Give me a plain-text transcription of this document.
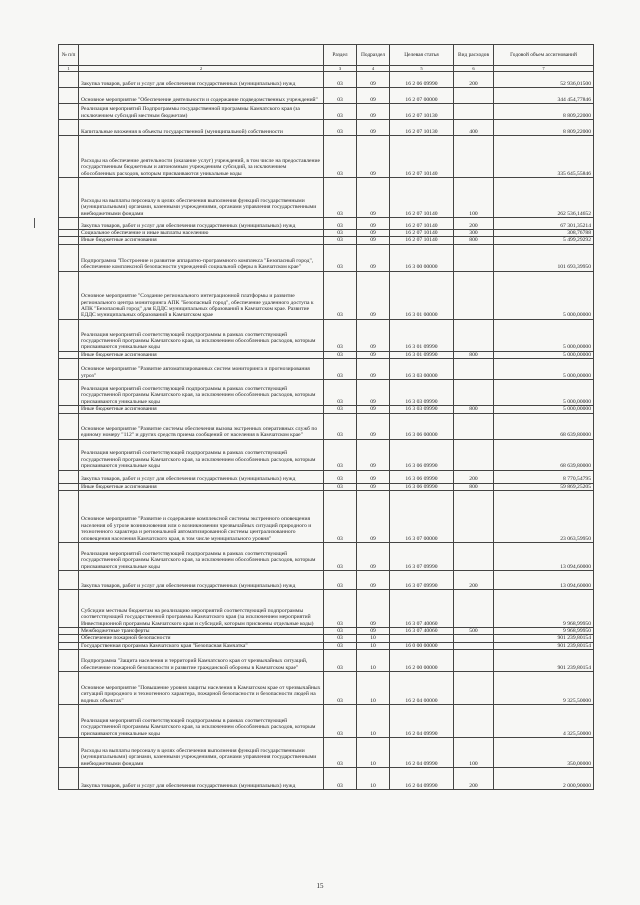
№ п/п		Раздел	Подраздел	Целевая статья	Вид расходов	Годовой объем ассигнований
1	2	3	4	5	6	7
	Закупка товаров, работ и услуг для обеспечения государственных (муниципальных) нужд	03	09	16 2 06 09990	200	52 936,01500
	Основное мероприятие "Обеспечение деятельности и содержание подведомственных учреждений"	03	09	16 2 07 00000		344 454,77846
	Реализация мероприятий Подпрограммы государственной программы Камчатского края (за исключением субсидий местным бюджетам)	03	09	16 2 07 10130		8 809,22000
	Капитальные вложения в объекты государственной (муниципальной) собственности	03	09	16 2 07 10130	400	8 809,22000
	Расходы на обеспечение деятельности (оказание услуг) учреждений, в том числе на предоставление государственным бюджетным и автономным учреждениям субсидий, за исключением обособленных расходов, которым присваиваются уникальные коды	03	09	16 2 07 10140		335 645,55846
	Расходы на выплаты персоналу в целях обеспечения выполнения функций государственными (муниципальными) органами, казенными учреждениями, органами управления государственными внебюджетными фондами	03	09	16 2 07 10140	100	262 536,14652
	Закупка товаров, работ и услуг для обеспечения государственных (муниципальных) нужд	03	09	16 2 07 10140	200	67 301,35214
	Социальное обеспечение и иные выплаты населению	03	09	16 2 07 10140	300	308,76788
	Иные бюджетные ассигнования	03	09	16 2 07 10140	800	5 499,29292
	Подпрограмма "Построение и развитие аппаратно-программного комплекса "Безопасный город", обеспечение комплексной безопасности учреждений социальной сферы в Камчатском крае"	03	09	16 3 00 00000		101 693,39950
	Основное мероприятие "Создание регионального интеграционной платформы и развитие регионального центра мониторинга АПК "Безопасный город", обеспечение удаленного доступа к АПК "Безопасный город" для ЕДДС муниципальных образований в Камчатском крае. Развитие ЕДДС муниципальных образований в Камчатском крае	03	09	16 3 01 00000		5 000,00000
	Реализация мероприятий соответствующей подпрограммы в рамках соответствующей государственной программы Камчатского края, за исключением обособленных расходов, которым присваиваются уникальные коды	03	09	16 3 01 09990		5 000,00000
	Иные бюджетные ассигнования	03	09	16 3 01 09990	800	5 000,00000
	Основное мероприятие "Развитие автоматизированных систем мониторинга и прогнозирования угроз"	03	09	16 3 03 00000		5 000,00000
	Реализация мероприятий соответствующей подпрограммы в рамках соответствующей государственной программы Камчатского края, за исключением обособленных расходов, которым присваиваются уникальные коды	03	09	16 3 03 09990		5 000,00000
	Иные бюджетные ассигнования	03	09	16 3 03 09990	800	5 000,00000
	Основное мероприятие "Развитие системы обеспечения вызова экстренных оперативных служб по единому номеру "112" и других средств приема сообщений от населения в Камчатском крае"	03	09	16 3 06 00000		68 639,80000
	Реализация мероприятий соответствующей подпрограммы в рамках соответствующей государственной программы Камчатского края, за исключением обособленных расходов, которым присваиваются уникальные коды	03	09	16 3 06 09990		68 639,80000
	Закупка товаров, работ и услуг для обеспечения государственных (муниципальных) нужд	03	09	16 3 06 09990	200	8 770,54795
	Иные бюджетные ассигнования	03	09	16 3 06 09990	800	59 869,25205
	Основное мероприятие "Развитие и содержание комплексной системы экстренного оповещения населения об угрозе возникновения или о возникновении чрезвычайных ситуаций природного и техногенного характера и региональной автоматизированной системы централизованного оповещения населения Камчатского края, в том числе муниципального уровня"	03	09	16 3 07 00000		23 063,59950
	Реализация мероприятий соответствующей подпрограммы в рамках соответствующей государственной программы Камчатского края, за исключением обособленных расходов, которым присваиваются уникальные коды	03	09	16 3 07 09990		13 094,60000
	Закупка товаров, работ и услуг для обеспечения государственных (муниципальных) нужд	03	09	16 3 07 09990	200	13 094,60000
	Субсидии местным бюджетам на реализацию мероприятий соответствующей подпрограммы соответствующей государственной программы Камчатского края (за исключением мероприятий Инвестиционной программы Камчатского края и субсидий, которым присвоены отдельные коды)	03	09	16 3 07 40060		9 968,99950
	Межбюджетные трансферты	03	09	16 3 07 40060	500	9 968,99950
	Обеспечение пожарной безопасности	03	10			901 239,80154
	Государственная программа Камчатского края "Безопасная Камчатка"	03	10	16 0 00 00000		901 239,80154
	Подпрограмма "Защита населения и территорий Камчатского края от чрезвычайных ситуаций, обеспечение пожарной безопасности и развитие гражданской обороны в Камчатском крае"	03	10	16 2 00 00000		901 239,80154
	Основное мероприятие "Повышение уровня защиты населения в Камчатском крае от чрезвычайных ситуаций природного и техногенного характера, пожарной безопасности и безопасности людей на водных объектах"	03	10	16 2 04 00000		9 325,50000
	Реализация мероприятий соответствующей подпрограммы в рамках соответствующей государственной программы Камчатского края, за исключением обособленных расходов, которым присваиваются уникальные коды	03	10	16 2 04 09990		4 325,50000
	Расходы на выплаты персоналу в целях обеспечения выполнения функций государственными (муниципальными) органами, казенными учреждениями, органами управления государственными внебюджетными фондами	03	10	16 2 04 09990	100	350,00000
	Закупка товаров, работ и услуг для обеспечения государственных (муниципальных) нужд	03	10	16 2 04 09990	200	2 000,90000
15
